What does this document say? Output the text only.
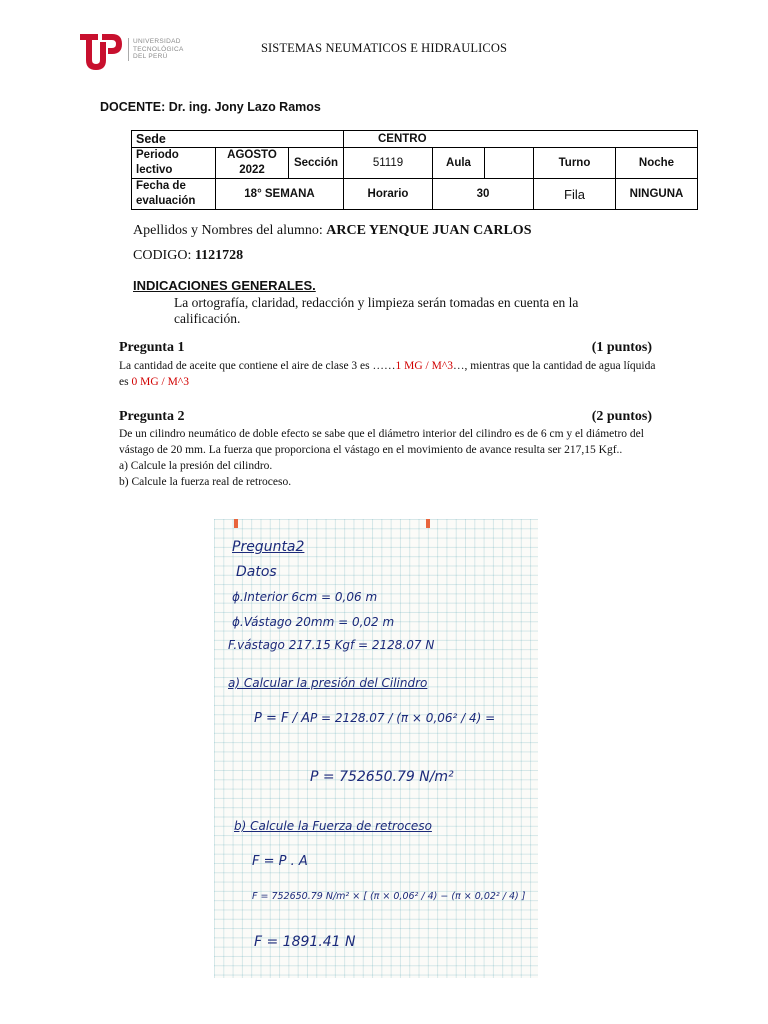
UNIVERSIDAD
TECNOLÓGICA
DEL PERÚ
SISTEMAS NEUMATICOS E HIDRAULICOS
DOCENTE: Dr. ing. Jony Lazo Ramos
Sede			CENTRO				
Periodo lectivo	AGOSTO 2022	Sección	51119	Aula		Turno	Noche
Fecha de evaluación	18° SEMANA		Horario	30		Fila	NINGUNA
Apellidos y Nombres del alumno: ARCE YENQUE JUAN CARLOS
CODIGO: 1121728
INDICACIONES GENERALES.
La ortografía, claridad, redacción y limpieza serán tomadas en cuenta en la calificación.
Pregunta 1	(1 puntos)
La cantidad de aceite que contiene el aire de clase 3 es ……1 MG / M^3…, mientras que la cantidad de agua líquida es 0 MG / M^3
Pregunta 2	(2 puntos)
De un cilindro neumático de doble efecto se sabe que el diámetro interior del cilindro es de 6 cm y el diámetro del vástago de 20 mm. La fuerza que proporciona el vástago en el movimiento de avance resulta ser 217,15 Kgf..
a) Calcule la presión del cilindro.
b) Calcule la fuerza real de retroceso.
Pregunta2
Datos
ɸ.Interior 6cm = 0,06 m
ɸ.Vástago 20mm = 0,02 m
F.vástago 217.15 Kgf = 2128.07 N
a) Calcular la presión del Cilindro
P = F / A P = 2128.07 / (π × 0,06² / 4) =
P = 752650.79 N/m²
b) Calcule la Fuerza de retroceso
F = P . A
F = 752650.79 N/m² × [ (π × 0,06² / 4) − (π × 0,02² / 4) ]
F = 1891.41 N
